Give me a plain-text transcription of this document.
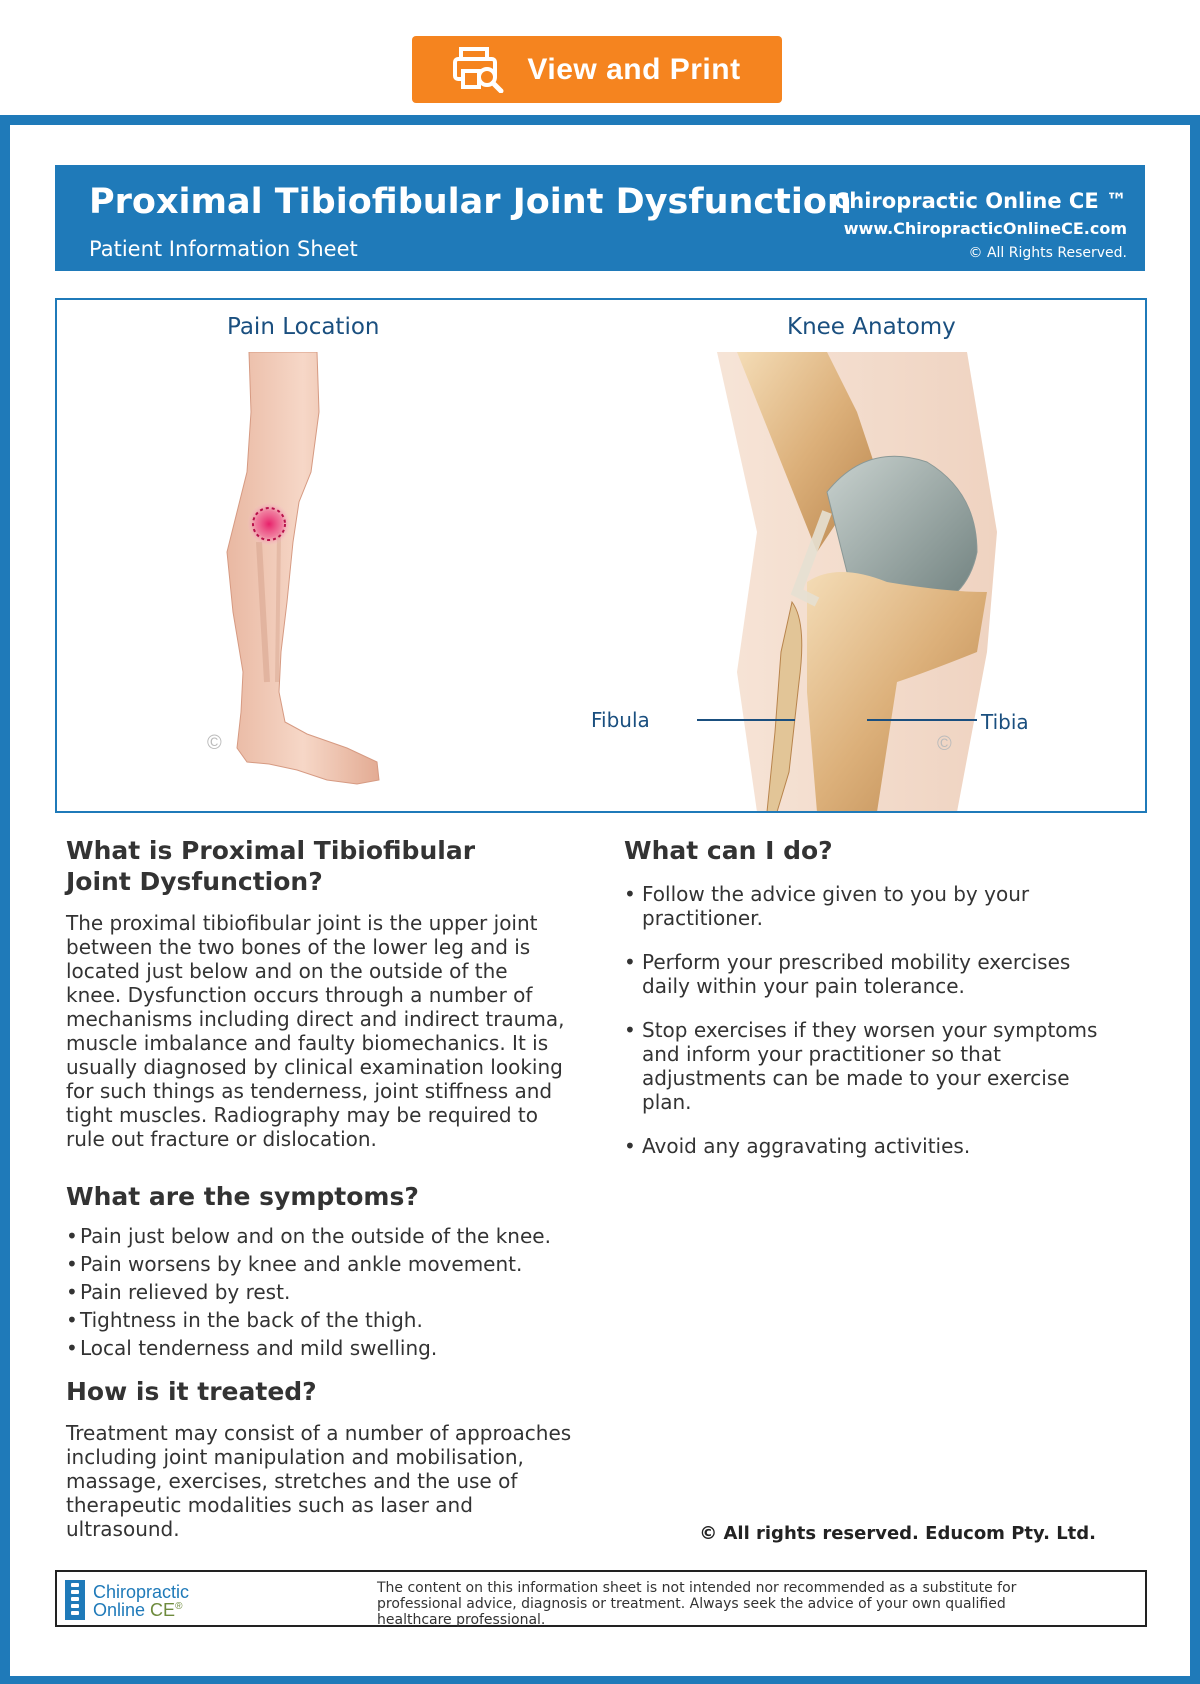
View and Print
Proximal Tibiofibular Joint Dysfunction
Patient Information Sheet
Chiropractic Online CE ™
www.ChiropracticOnlineCE.com
© All Rights Reserved.
Pain Location	Knee Anatomy
©	©
Fibula	Tibia
What is Proximal Tibiofibular Joint Dysfunction?
The proximal tibiofibular joint is the upper joint between the two bones of the lower leg and is located just below and on the outside of the knee. Dysfunction occurs through a number of mechanisms including direct and indirect trauma, muscle imbalance and faulty biomechanics. It is usually diagnosed by clinical examination looking for such things as tenderness, joint stiffness and tight muscles. Radiography may be required to rule out fracture or dislocation.
What are the symptoms?
• Pain just below and on the outside of the knee.
• Pain worsens by knee and ankle movement.
• Pain relieved by rest.
• Tightness in the back of the thigh.
• Local tenderness and mild swelling.
How is it treated?
Treatment may consist of a number of approaches including joint manipulation and mobilisation, massage, exercises, stretches and the use of therapeutic modalities such as laser and ultrasound.
What can I do?
• Follow the advice given to you by your practitioner.
• Perform your prescribed mobility exercises daily within your pain tolerance.
• Stop exercises if they worsen your symptoms and inform your practitioner so that adjustments can be made to your exercise plan.
• Avoid any aggravating activities.
© All rights reserved. Educom Pty. Ltd.
Chiropractic
Online CE®
The content on this information sheet is not intended nor recommended as a substitute for professional advice, diagnosis or treatment. Always seek the advice of your own qualified healthcare professional.
